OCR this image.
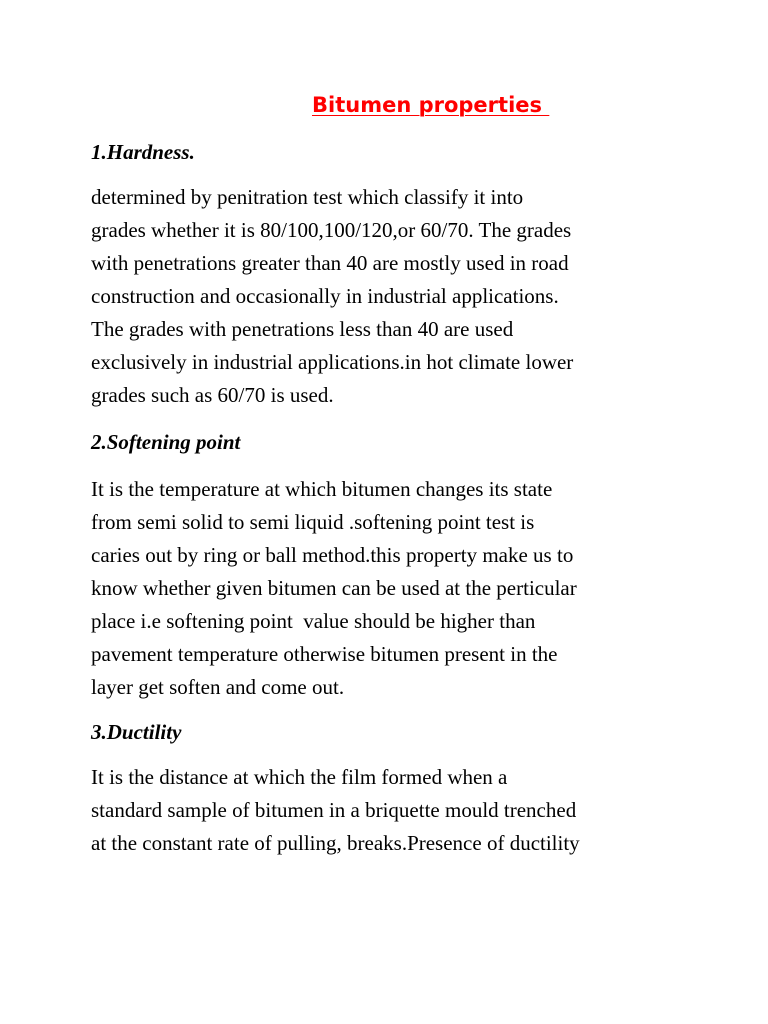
Bitumen properties
1.Hardness.
determined by penitration test which classify it into
grades whether it is 80/100,100/120,or 60/70. The grades
with penetrations greater than 40 are mostly used in road
construction and occasionally in industrial applications.
The grades with penetrations less than 40 are used
exclusively in industrial applications.in hot climate lower
grades such as 60/70 is used.
2.Softening point
It is the temperature at which bitumen changes its state
from semi solid to semi liquid .softening point test is
caries out by ring or ball method.this property make us to
know whether given bitumen can be used at the perticular
place i.e softening point  value should be higher than
pavement temperature otherwise bitumen present in the
layer get soften and come out.
3.Ductility
It is the distance at which the film formed when a
standard sample of bitumen in a briquette mould trenched
at the constant rate of pulling, breaks.Presence of ductility
